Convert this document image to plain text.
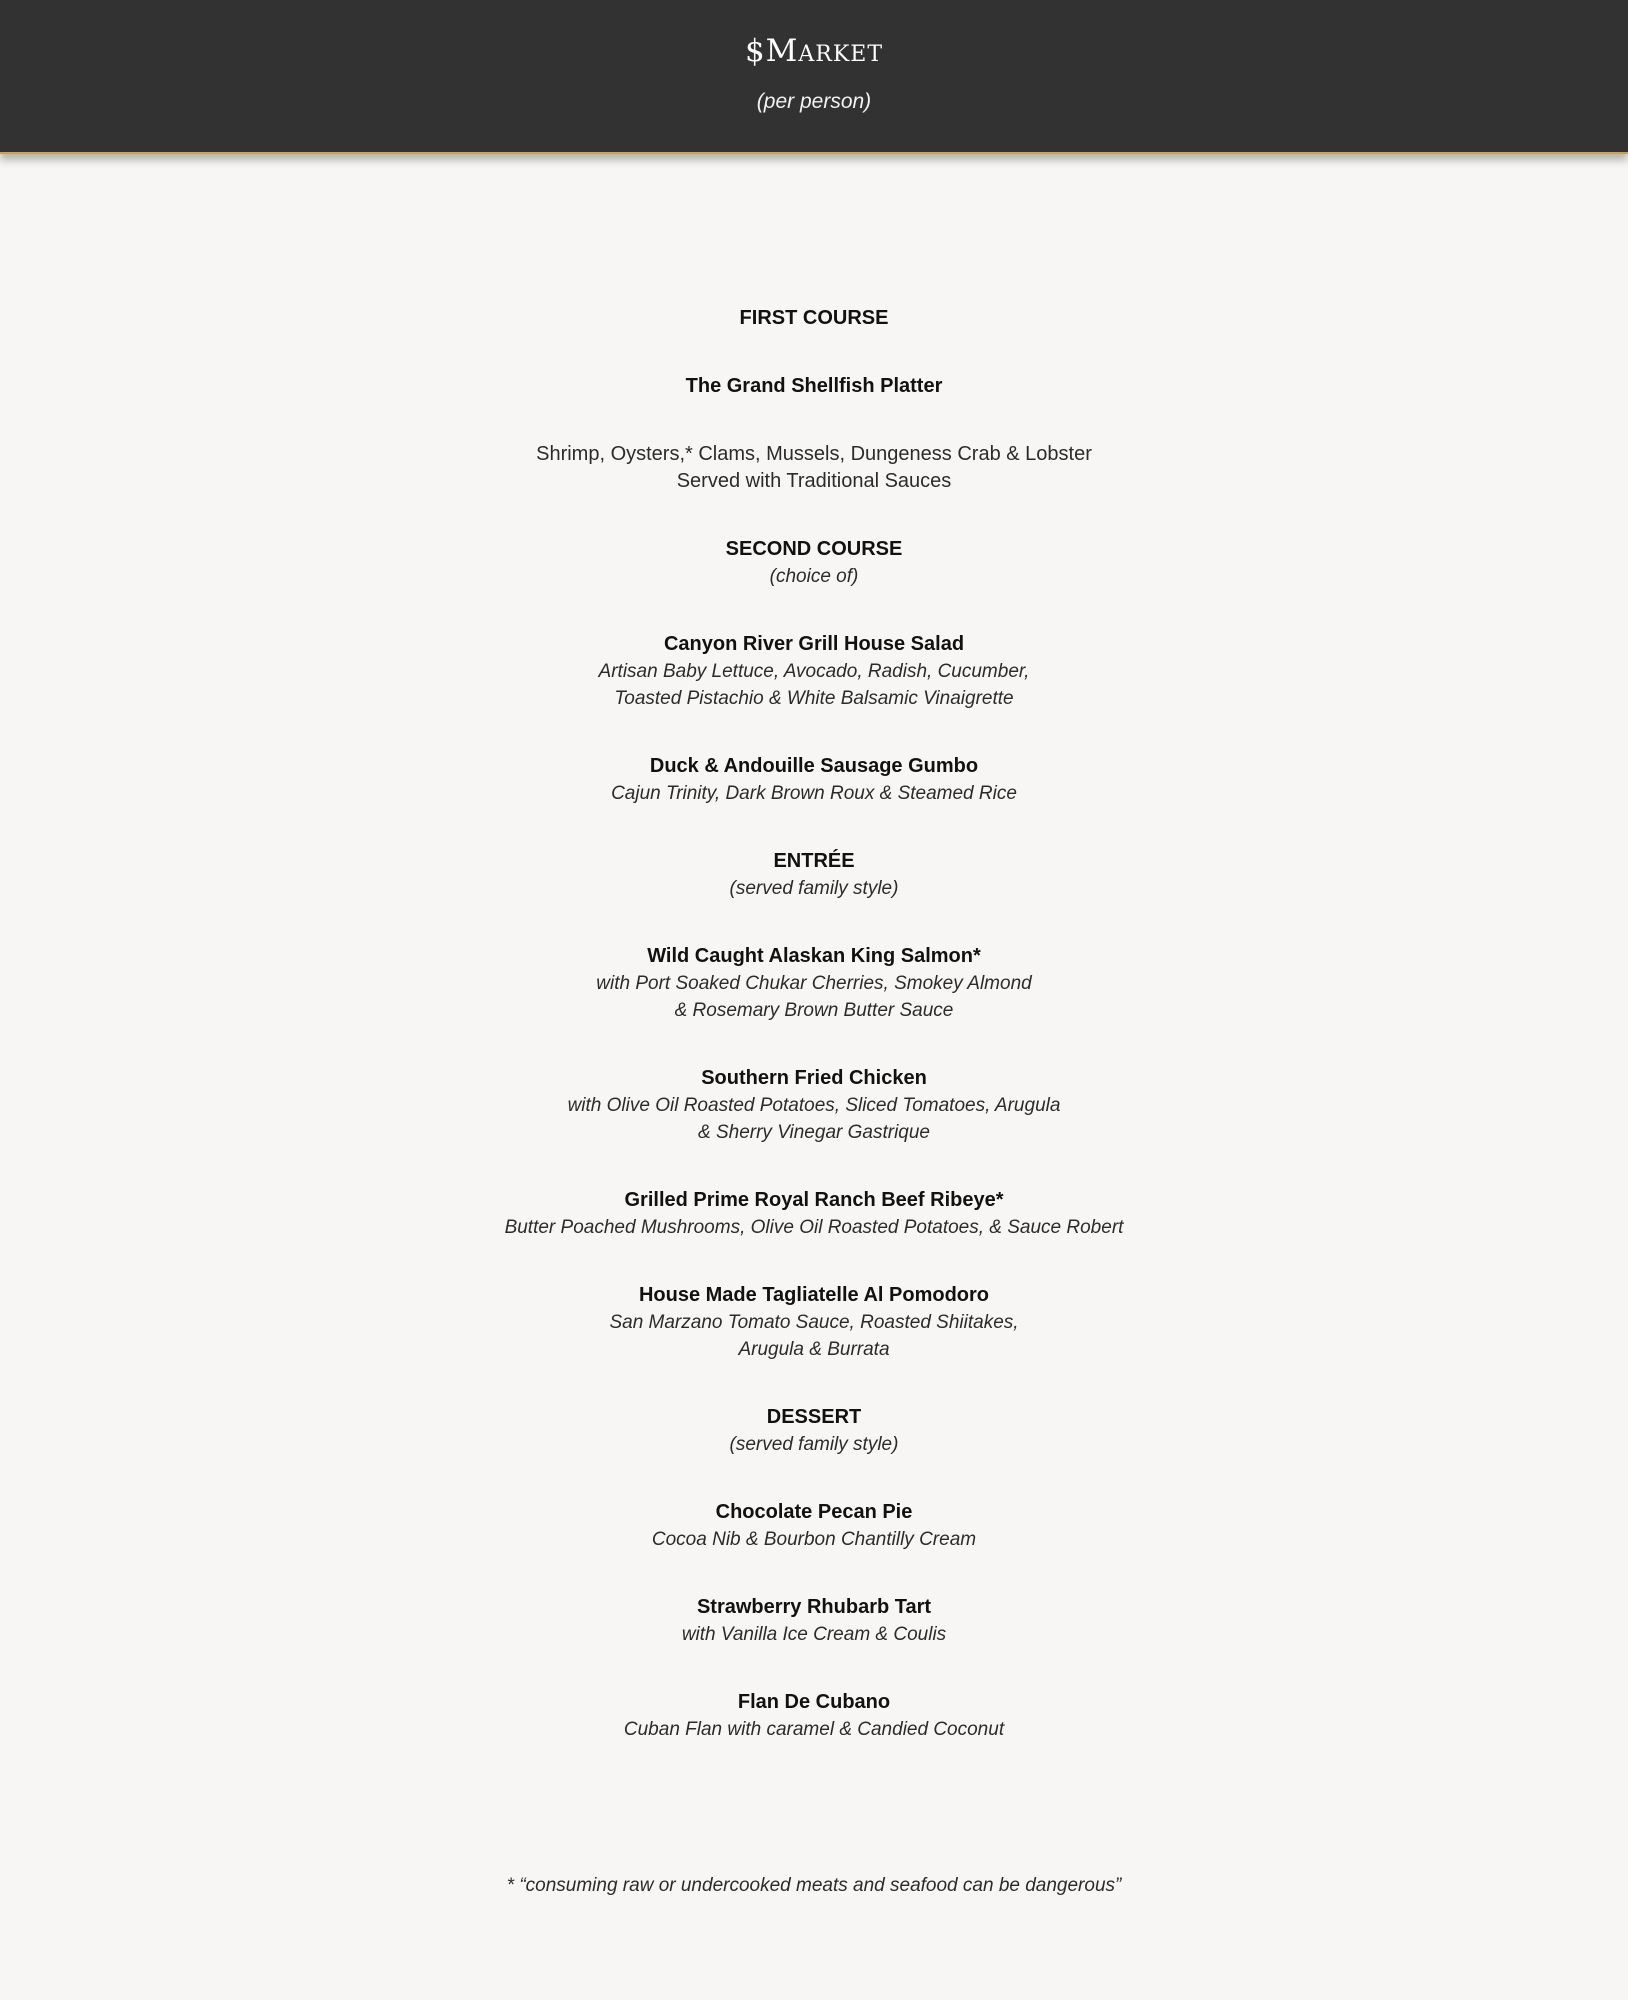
$Market
(per person)
FIRST COURSE
The Grand Shellfish Platter
Shrimp, Oysters,* Clams, Mussels, Dungeness Crab & Lobster
Served with Traditional Sauces
SECOND COURSE
(choice of)
Canyon River Grill House Salad
Artisan Baby Lettuce, Avocado, Radish, Cucumber,
Toasted Pistachio & White Balsamic Vinaigrette
Duck & Andouille Sausage Gumbo
Cajun Trinity, Dark Brown Roux & Steamed Rice
ENTRÉE
(served family style)
Wild Caught Alaskan King Salmon*
with Port Soaked Chukar Cherries, Smokey Almond
& Rosemary Brown Butter Sauce
Southern Fried Chicken
with Olive Oil Roasted Potatoes, Sliced Tomatoes, Arugula
& Sherry Vinegar Gastrique
Grilled Prime Royal Ranch Beef Ribeye*
Butter Poached Mushrooms, Olive Oil Roasted Potatoes, & Sauce Robert
House Made Tagliatelle Al Pomodoro
San Marzano Tomato Sauce, Roasted Shiitakes,
Arugula & Burrata
DESSERT
(served family style)
Chocolate Pecan Pie
Cocoa Nib & Bourbon Chantilly Cream
Strawberry Rhubarb Tart
with Vanilla Ice Cream & Coulis
Flan De Cubano
Cuban Flan with caramel & Candied Coconut
* “consuming raw or undercooked meats and seafood can be dangerous”
